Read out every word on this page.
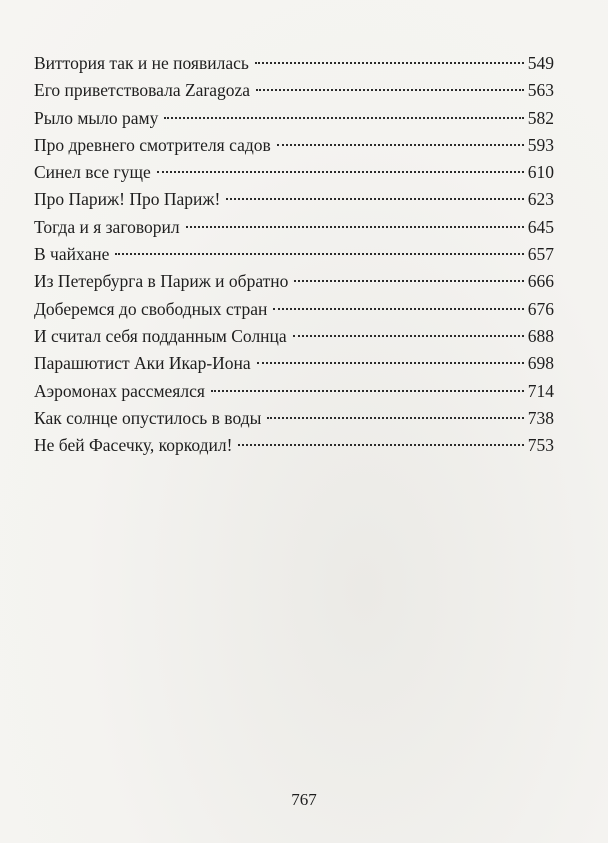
Виттория так и не появилась	549
Его приветствовала Zaragoza	563
Рыло мыло раму	582
Про древнего смотрителя садов	593
Синел все гуще	610
Про Париж! Про Париж!	623
Тогда и я заговорил	645
В чайхане	657
Из Петербурга в Париж и обратно	666
Доберемся до свободных стран	676
И считал себя подданным Солнца	688
Парашютист Аки Икар-Иона	698
Аэромонах рассмеялся	714
Как солнце опустилось в воды	738
Не бей Фасечку, коркодил!	753
767
